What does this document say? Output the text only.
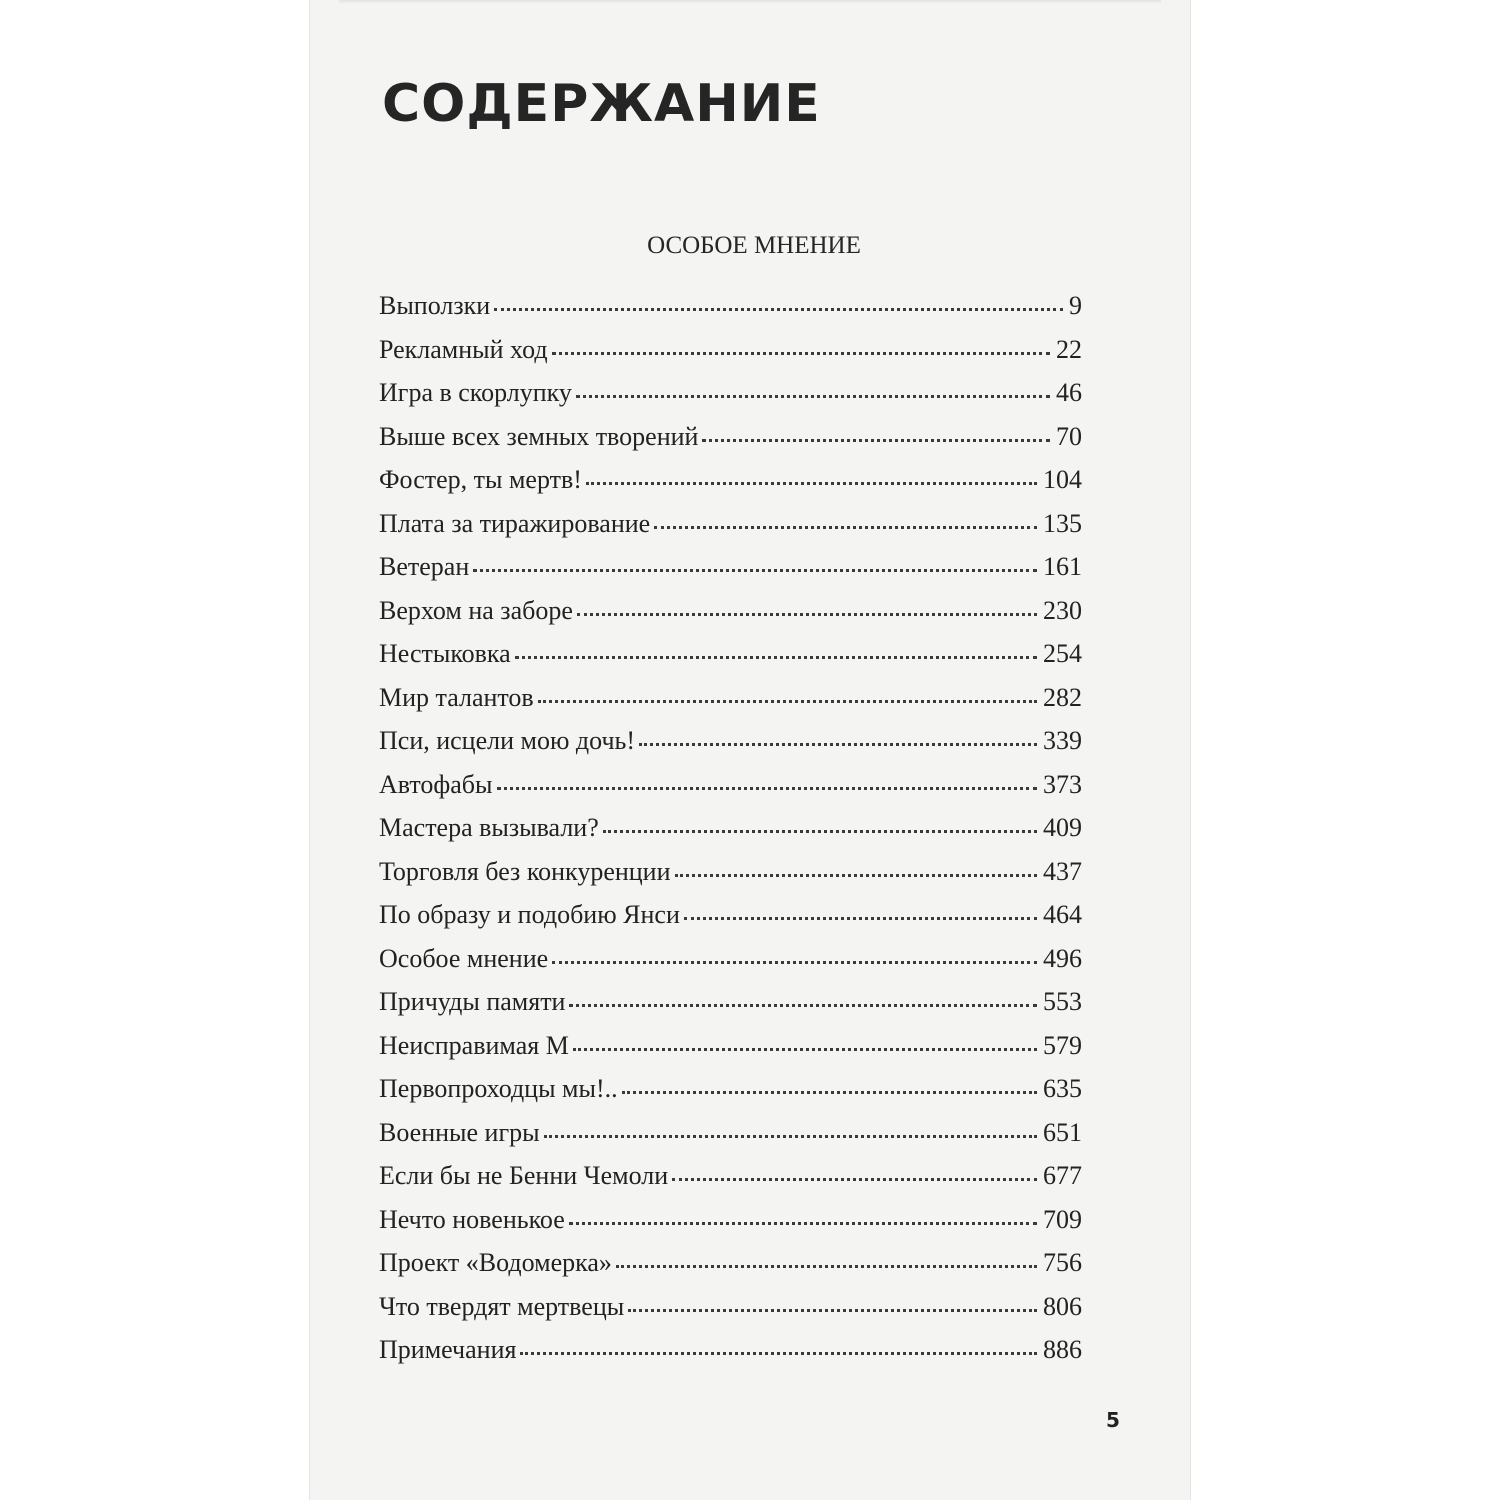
СОДЕРЖАНИЕ
ОСОБОЕ МНЕНИЕ
Выползки	9
Рекламный ход	22
Игра в скорлупку	46
Выше всех земных творений	70
Фостер, ты мертв!	104
Плата за тиражирование	135
Ветеран	161
Верхом на заборе	230
Нестыковка	254
Мир талантов	282
Пси, исцели мою дочь!	339
Автофабы	373
Мастера вызывали?	409
Торговля без конкуренции	437
По образу и подобию Янси	464
Особое мнение	496
Причуды памяти	553
Неисправимая М	579
Первопроходцы мы!..	635
Военные игры	651
Если бы не Бенни Чемоли	677
Нечто новенькое	709
Проект «Водомерка»	756
Что твердят мертвецы	806
Примечания	886
5
